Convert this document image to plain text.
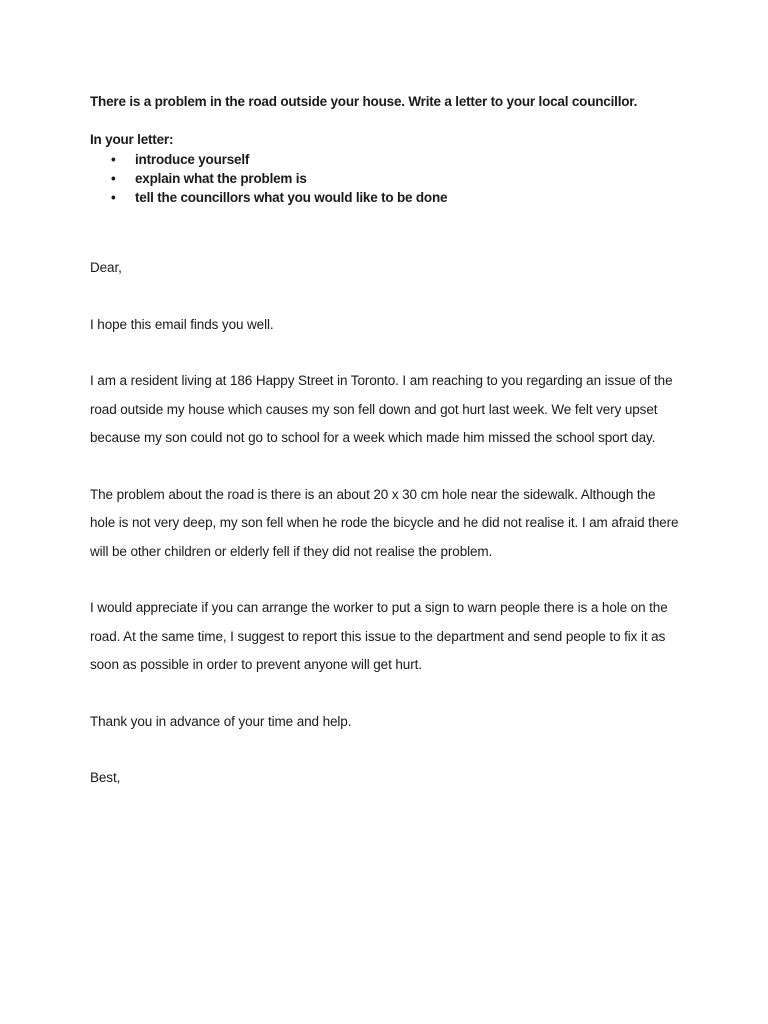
There is a problem in the road outside your house. Write a letter to your local councillor.

In your letter:

• introduce yourself
• explain what the problem is
• tell the councillors what you would like to be done

Dear,

I hope this email finds you well.

I am a resident living at 186 Happy Street in Toronto. I am reaching to you regarding an issue of the road outside my house which causes my son fell down and got hurt last week. We felt very upset because my son could not go to school for a week which made him missed the school sport day.

The problem about the road is there is an about 20 x 30 cm hole near the sidewalk. Although the hole is not very deep, my son fell when he rode the bicycle and he did not realise it. I am afraid there will be other children or elderly fell if they did not realise the problem.

I would appreciate if you can arrange the worker to put a sign to warn people there is a hole on the road. At the same time, I suggest to report this issue to the department and send people to fix it as soon as possible in order to prevent anyone will get hurt.

Thank you in advance of your time and help.

Best,
